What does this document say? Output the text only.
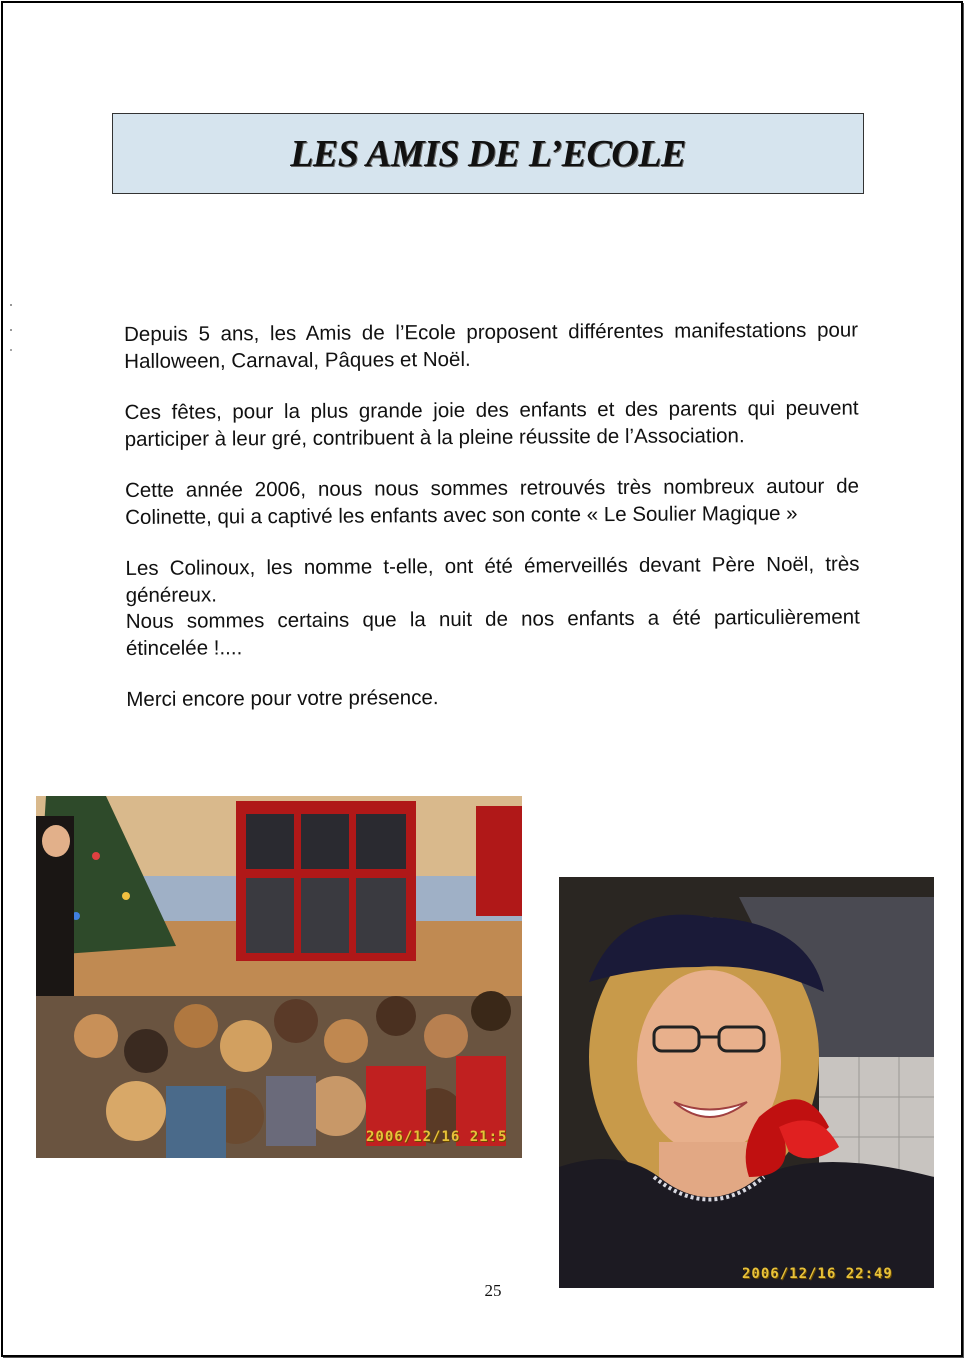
LES AMIS DE L’ECOLE

Depuis 5 ans, les Amis de l’Ecole proposent différentes manifestations pour Halloween, Carnaval, Pâques et Noël.

Ces fêtes, pour la plus grande joie des enfants et des parents qui peuvent participer à leur gré, contribuent à la pleine réussite de l’Association.

Cette année 2006, nous nous sommes retrouvés très nombreux autour de Colinette, qui a captivé les enfants avec son conte « Le Soulier Magique »

Les Colinoux, les nomme t-elle, ont été émerveillés devant Père Noël, très généreux.

Nous sommes certains que la nuit de nos enfants a été particulièrement étincelée !....

Merci encore pour votre présence.

2006/12/16 21:5
2006/12/16 22:49
25
